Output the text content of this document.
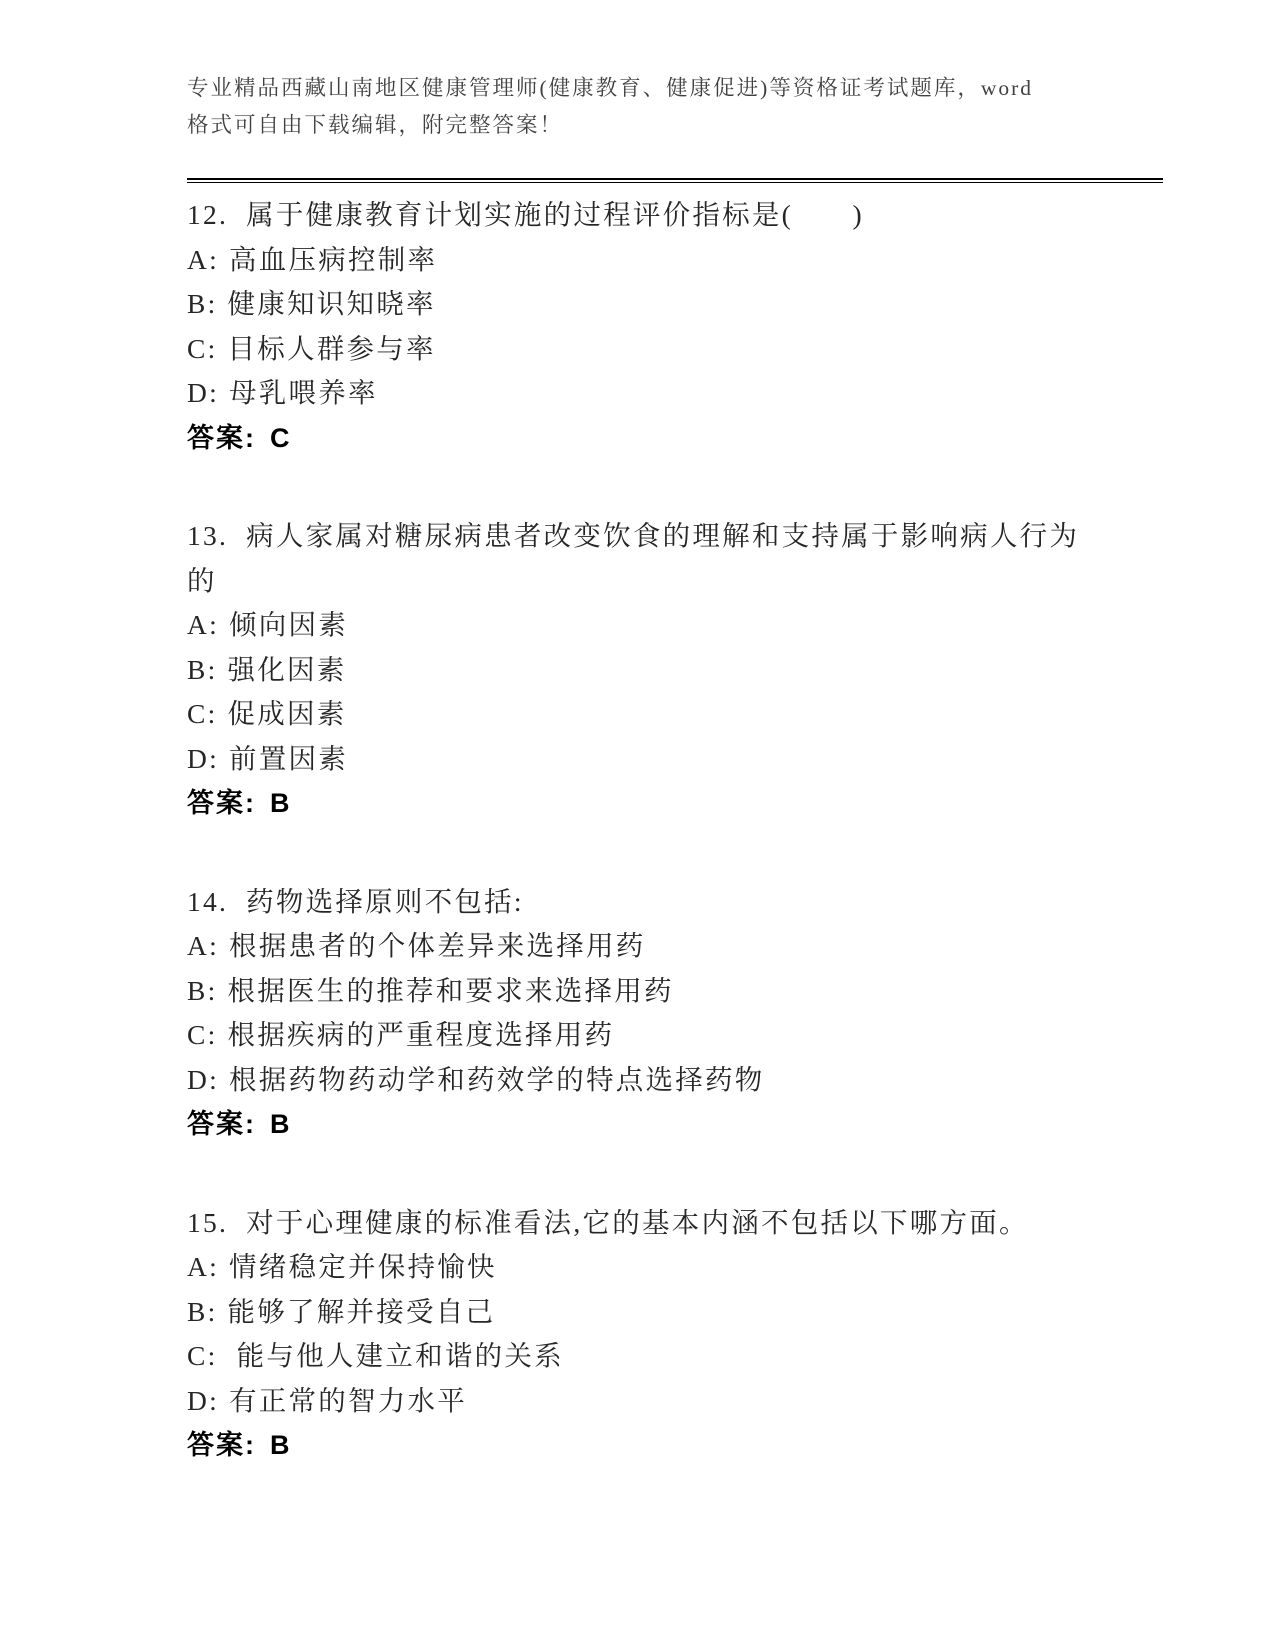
专业精品西藏山南地区健康管理师(健康教育、健康促进)等资格证考试题库，word
格式可自由下载编辑，附完整答案！
12. 属于健康教育计划实施的过程评价指标是(　　)
A: 高血压病控制率
B: 健康知识知晓率
C: 目标人群参与率
D: 母乳喂养率
答案: C
13. 病人家属对糖尿病患者改变饮食的理解和支持属于影响病人行为的
A: 倾向因素
B: 强化因素
C: 促成因素
D: 前置因素
答案: B
14. 药物选择原则不包括:
A: 根据患者的个体差异来选择用药
B: 根据医生的推荐和要求来选择用药
C: 根据疾病的严重程度选择用药
D: 根据药物药动学和药效学的特点选择药物
答案: B
15. 对于心理健康的标准看法,它的基本内涵不包括以下哪方面。
A: 情绪稳定并保持愉快
B: 能够了解并接受自己
C: 能与他人建立和谐的关系
D: 有正常的智力水平
答案: B
